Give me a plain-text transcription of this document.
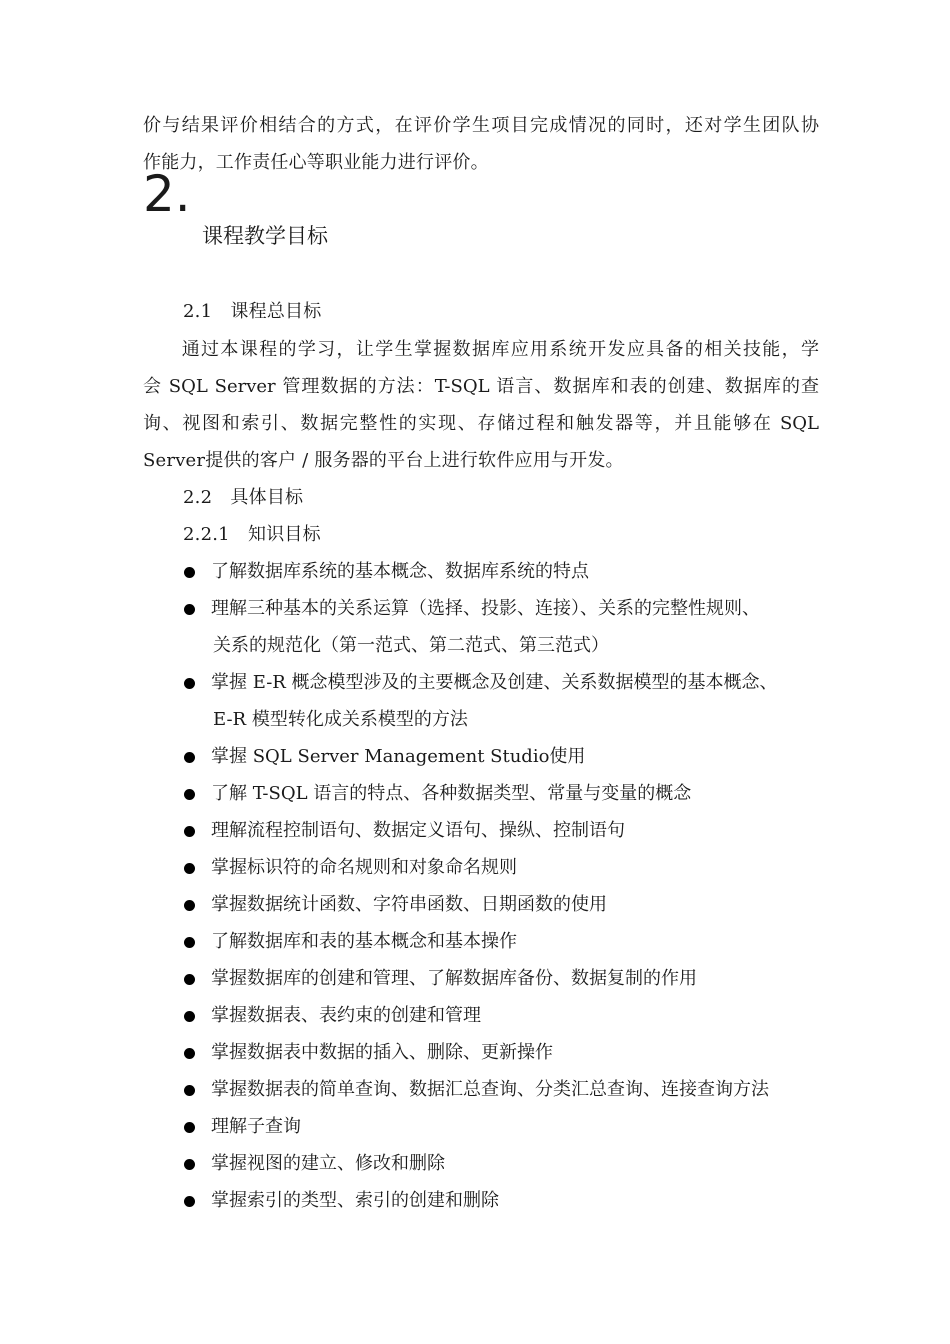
价与结果评价相结合的方式，在评价学生项目完成情况的同时，还对学生团队协
作能力，工作责任心等职业能力进行评价。
2.
课程教学目标
2.1　课程总目标
　　通过本课程的学习，让学生掌握数据库应用系统开发应具备的相关技能，学
会 SQL Server 管理数据的方法：T-SQL 语言、数据库和表的创建、数据库的查
询、视图和索引、数据完整性的实现、存储过程和触发器等，并且能够在 SQL
Server提供的客户 / 服务器的平台上进行软件应用与开发。
2.2　具体目标
2.2.1　知识目标
了解数据库系统的基本概念、数据库系统的特点
理解三种基本的关系运算（选择、投影、连接）、关系的完整性规则、
关系的规范化（第一范式、第二范式、第三范式）
掌握 E-R 概念模型涉及的主要概念及创建、关系数据模型的基本概念、
E-R 模型转化成关系模型的方法
掌握 SQL Server Management Studio使用
了解 T-SQL 语言的特点、各种数据类型、常量与变量的概念
理解流程控制语句、数据定义语句、操纵、控制语句
掌握标识符的命名规则和对象命名规则
掌握数据统计函数、字符串函数、日期函数的使用
了解数据库和表的基本概念和基本操作
掌握数据库的创建和管理、了解数据库备份、数据复制的作用
掌握数据表、表约束的创建和管理
掌握数据表中数据的插入、删除、更新操作
掌握数据表的简单查询、数据汇总查询、分类汇总查询、连接查询方法
理解子查询
掌握视图的建立、修改和删除
掌握索引的类型、索引的创建和删除
